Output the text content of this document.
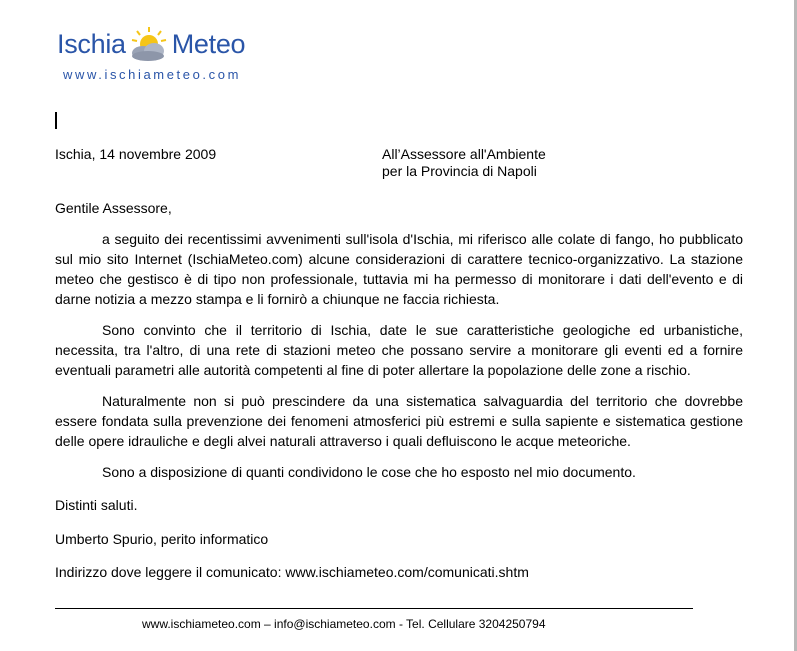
Ischia Meteo
www.ischiameteo.com
Ischia, 14 novembre 2009	All’Assessore all'Ambiente
per la Provincia di Napoli
Gentile Assessore,
a seguito dei recentissimi avvenimenti sull'isola d'Ischia, mi riferisco alle colate di fango, ho pubblicato sul mio sito Internet (IschiaMeteo.com) alcune considerazioni di carattere tecnico-organizzativo. La stazione meteo che gestisco è di tipo non professionale, tuttavia mi ha permesso di monitorare i dati dell'evento e di darne notizia a mezzo stampa e li fornirò a chiunque ne faccia richiesta.
Sono convinto che il territorio di Ischia, date le sue caratteristiche geologiche ed urbanistiche, necessita, tra l'altro, di una rete di stazioni meteo che possano servire a monitorare gli eventi ed a fornire eventuali parametri alle autorità competenti al fine di poter allertare la popolazione delle zone a rischio.
Naturalmente non si può prescindere da una sistematica salvaguardia del territorio che dovrebbe essere fondata sulla prevenzione dei fenomeni atmosferici più estremi e sulla sapiente e sistematica gestione delle opere idrauliche e degli alvei naturali attraverso i quali defluiscono le acque meteoriche.
Sono a disposizione di quanti condividono le cose che ho esposto nel mio documento.
Distinti saluti.
Umberto Spurio, perito informatico
Indirizzo dove leggere il comunicato: www.ischiameteo.com/comunicati.shtm
www.ischiameteo.com – info@ischiameteo.com - Tel. Cellulare 3204250794
